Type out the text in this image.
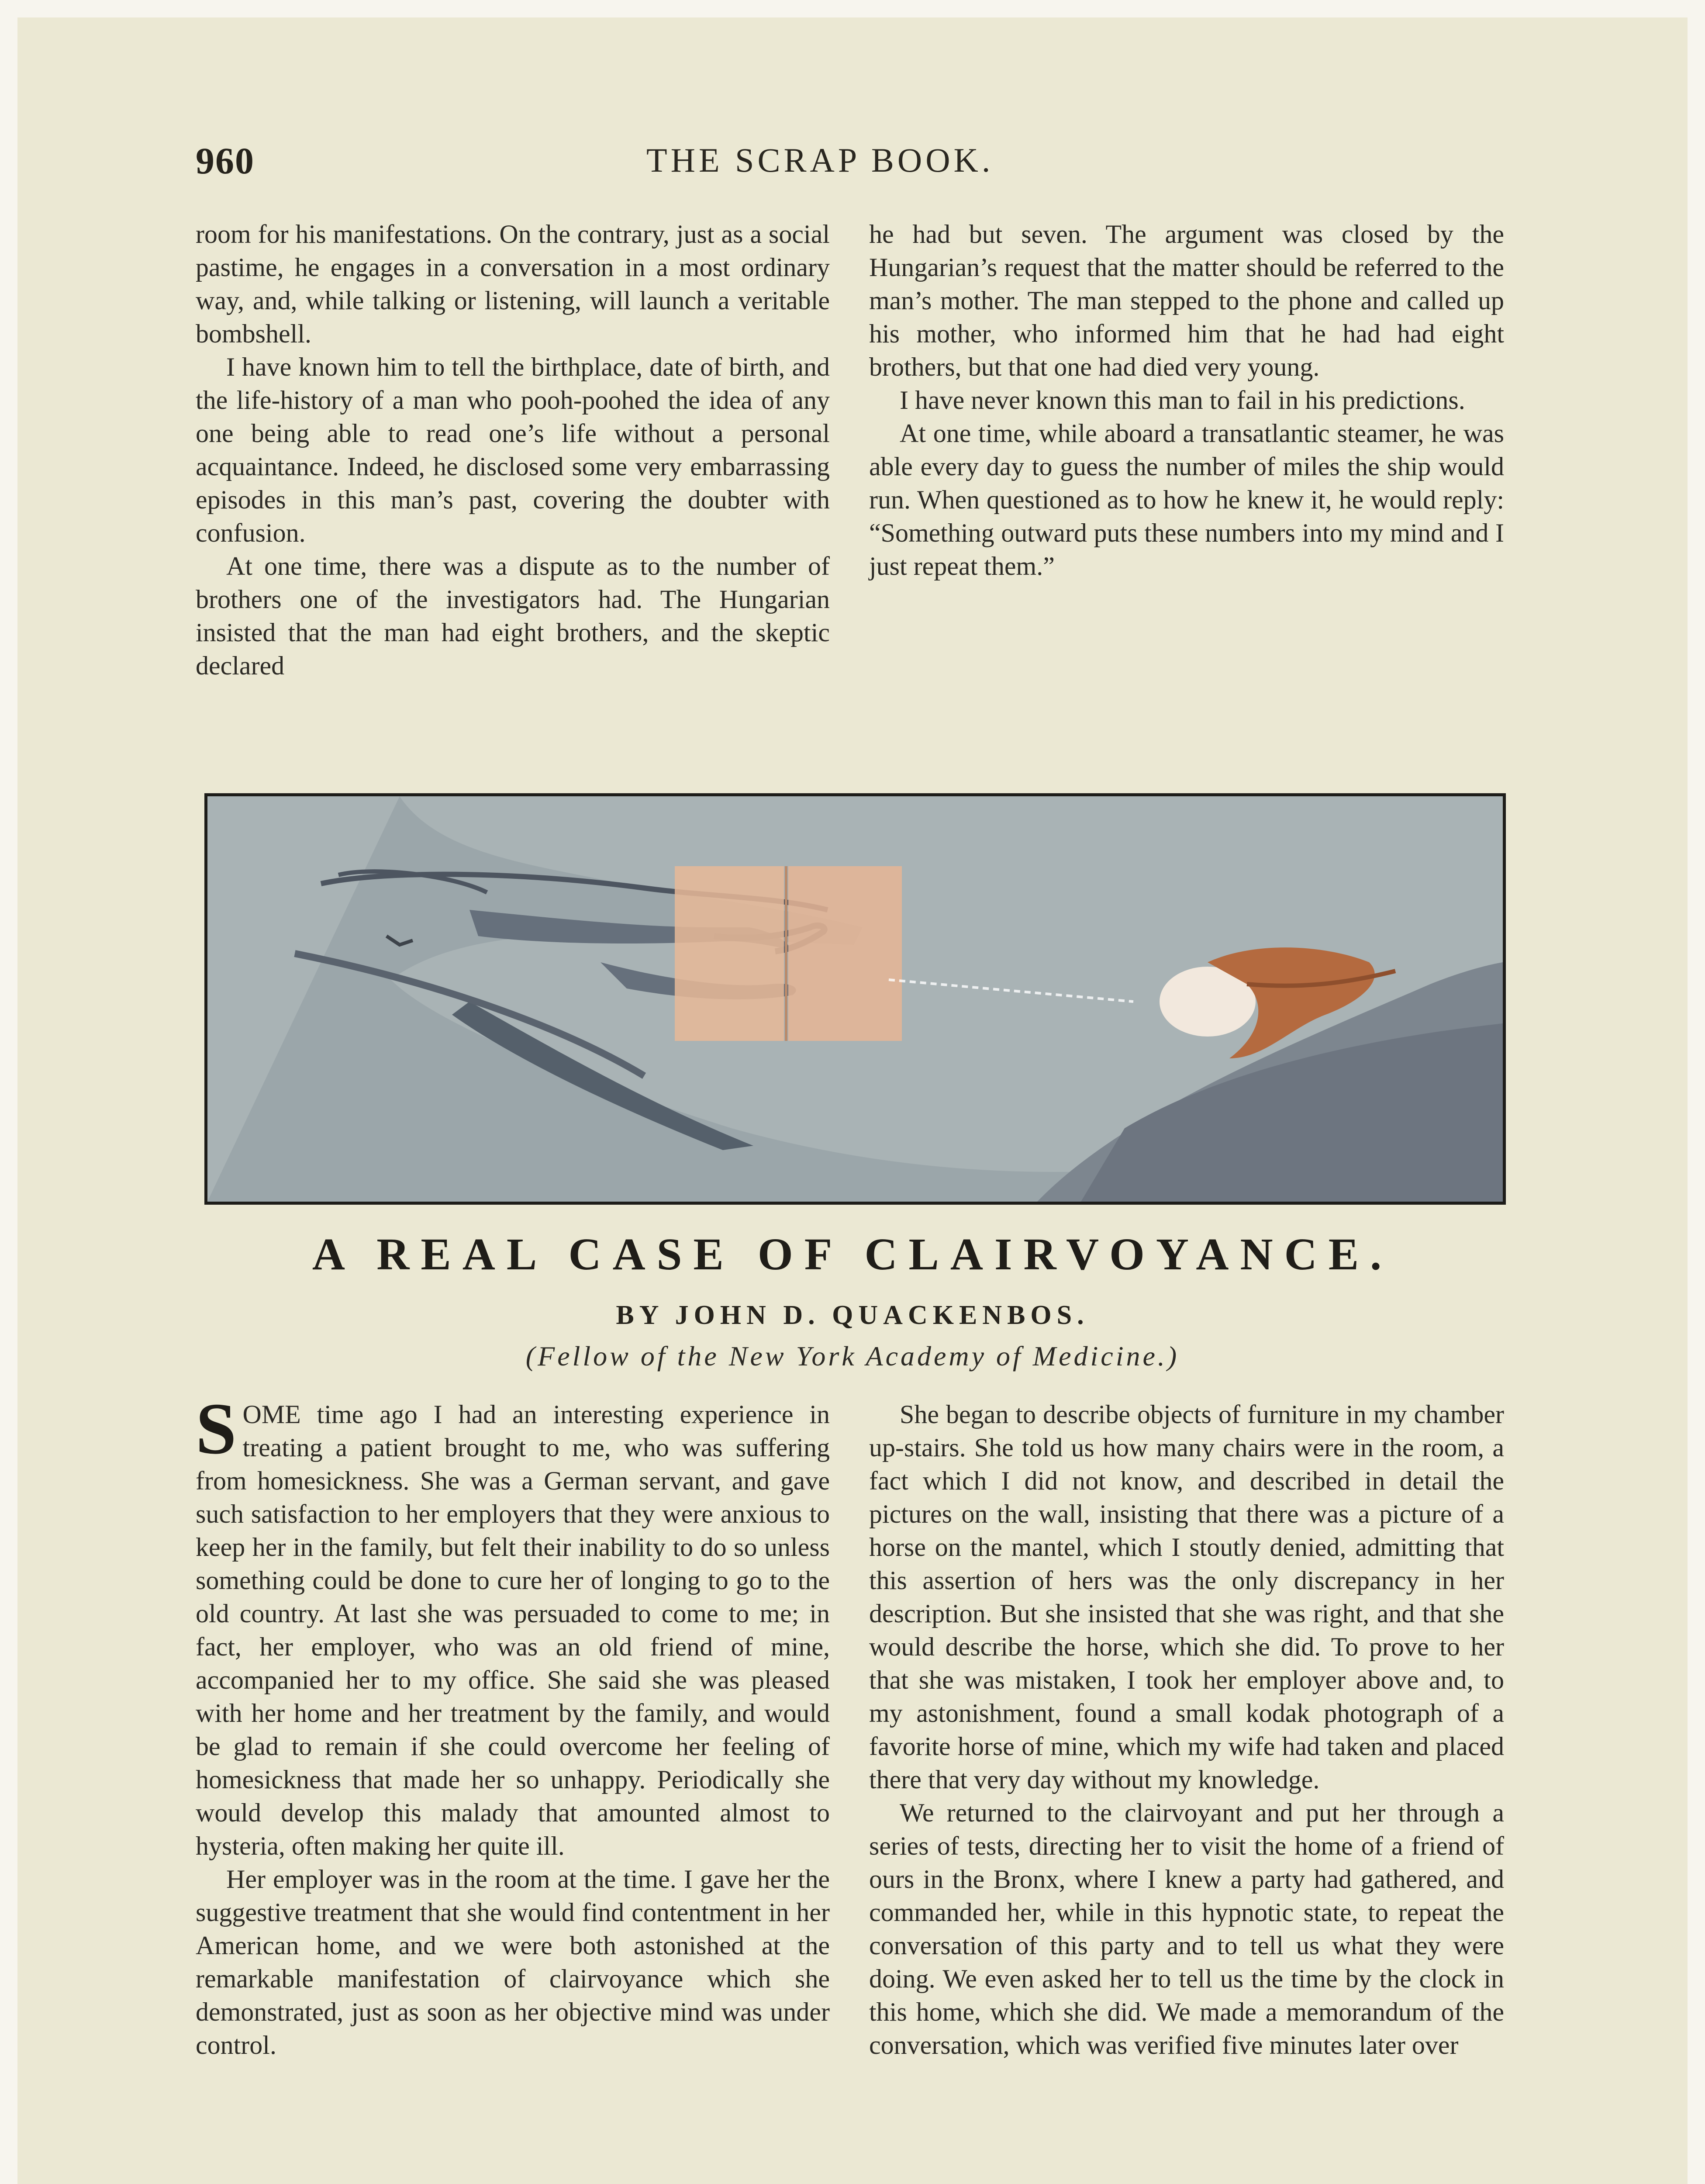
960	THE SCRAP BOOK.

room for his manifestations. On the contrary, just as a social pastime, he engages in a conversation in a most ordinary way, and, while talking or listening, will launch a veritable bombshell.

I have known him to tell the birthplace, date of birth, and the life-history of a man who pooh-poohed the idea of any one being able to read one’s life without a personal acquaintance. Indeed, he disclosed some very embarrassing episodes in this man’s past, covering the doubter with confusion.

At one time, there was a dispute as to the number of brothers one of the investigators had. The Hungarian insisted that the man had eight brothers, and the skeptic declared

he had but seven. The argument was closed by the Hungarian’s request that the matter should be referred to the man’s mother. The man stepped to the phone and called up his mother, who informed him that he had had eight brothers, but that one had died very young.

I have never known this man to fail in his predictions.

At one time, while aboard a transatlantic steamer, he was able every day to guess the number of miles the ship would run. When questioned as to how he knew it, he would reply: “Something outward puts these numbers into my mind and I just repeat them.”

A REAL CASE OF CLAIRVOYANCE.
BY JOHN D. QUACKENBOS.
(Fellow of the New York Academy of Medicine.)

SOME time ago I had an interesting experience in treating a patient brought to me, who was suffering from homesickness. She was a German servant, and gave such satisfaction to her employers that they were anxious to keep her in the family, but felt their inability to do so unless something could be done to cure her of longing to go to the old country. At last she was persuaded to come to me; in fact, her employer, who was an old friend of mine, accompanied her to my office. She said she was pleased with her home and her treatment by the family, and would be glad to remain if she could overcome her feeling of homesickness that made her so unhappy. Periodically she would develop this malady that amounted almost to hysteria, often making her quite ill.

Her employer was in the room at the time. I gave her the suggestive treatment that she would find contentment in her American home, and we were both astonished at the remarkable manifestation of clairvoyance which she demonstrated, just as soon as her objective mind was under control.

She began to describe objects of furniture in my chamber up-stairs. She told us how many chairs were in the room, a fact which I did not know, and described in detail the pictures on the wall, insisting that there was a picture of a horse on the mantel, which I stoutly denied, admitting that this assertion of hers was the only discrepancy in her description. But she insisted that she was right, and that she would describe the horse, which she did. To prove to her that she was mistaken, I took her employer above and, to my astonishment, found a small kodak photograph of a favorite horse of mine, which my wife had taken and placed there that very day without my knowledge.

We returned to the clairvoyant and put her through a series of tests, directing her to visit the home of a friend of ours in the Bronx, where I knew a party had gathered, and commanded her, while in this hypnotic state, to repeat the conversation of this party and to tell us what they were doing. We even asked her to tell us the time by the clock in this home, which she did. We made a memorandum of the conversation, which was verified five minutes later over
